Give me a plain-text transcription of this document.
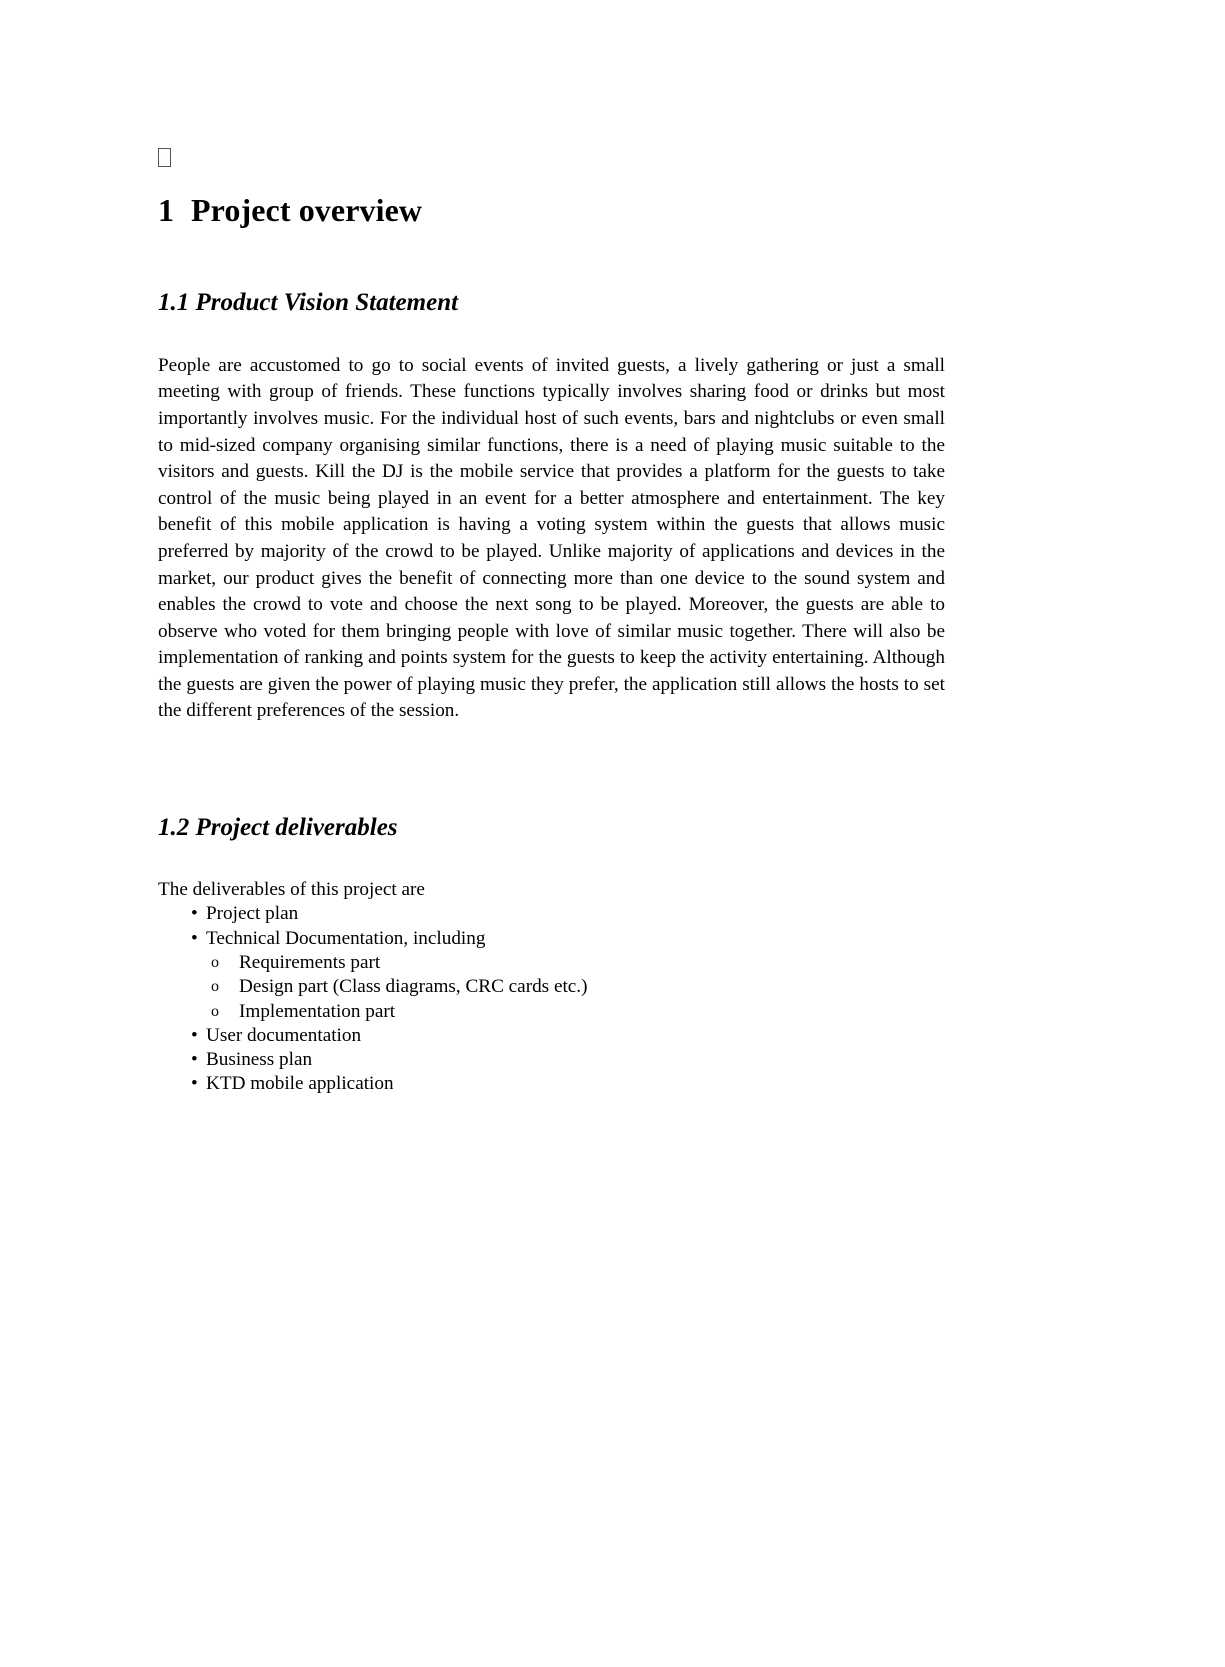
1 Project overview
1.1 Product Vision Statement

People are accustomed to go to social events of invited guests, a lively gathering or just a small meeting with group of friends. These functions typically involves sharing food or drinks but most importantly involves music. For the individual host of such events, bars and nightclubs or even small to mid-sized company organising similar functions, there is a need of playing music suitable to the visitors and guests. Kill the DJ is the mobile service that provides a platform for the guests to take control of the music being played in an event for a better atmosphere and entertainment. The key benefit of this mobile application is having a voting system within the guests that allows music preferred by majority of the crowd to be played. Unlike majority of applications and devices in the market, our product gives the benefit of connecting more than one device to the sound system and enables the crowd to vote and choose the next song to be played. Moreover, the guests are able to observe who voted for them bringing people with love of similar music together. There will also be implementation of ranking and points system for the guests to keep the activity entertaining. Although the guests are given the power of playing music they prefer, the application still allows the hosts to set the different preferences of the session.

1.2 Project deliverables

The deliverables of this project are

• Project plan
• Technical Documentation, including
o Requirements part
o Design part (Class diagrams, CRC cards etc.)
o Implementation part
• User documentation
• Business plan
• KTD mobile application
